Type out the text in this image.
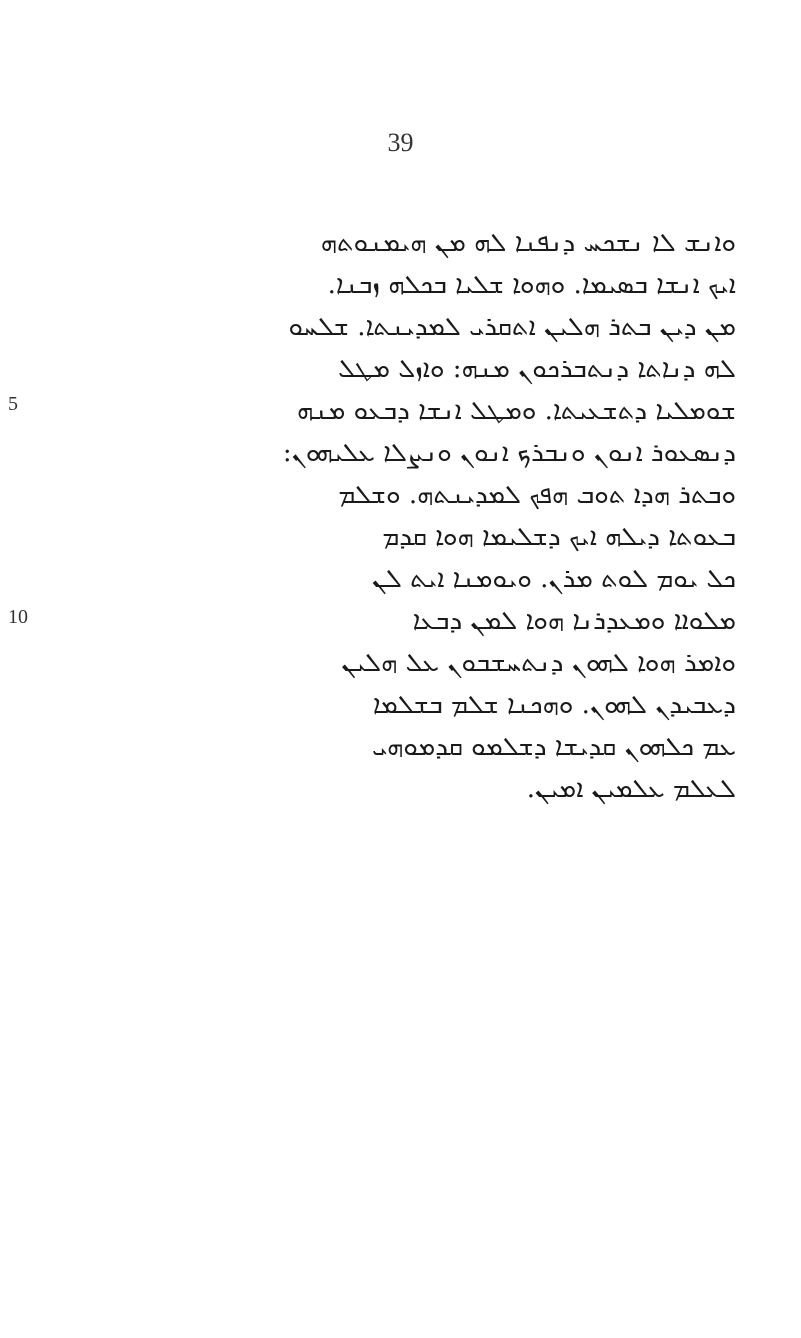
39
5
10
ܘܐܢܫ ܠܐ ܢܫܟܚ ܕܢܦܢܐ ܠܗ ܡܢ ܗܝܡܢܘܬܗ
ܐܝܟ ܐܢܫܐ ܒܣܝܡܐ. ܘܗܘܐ ܫܠܝܐ ܒܟܠܗ ܙܒܢܐ.
ܡܢ ܕܝܢ ܒܬܪ ܗܠܝܢ ܐܬܩܪܝ ܠܡܕܝܢܬܐ. ܫܠܚܘ
ܠܗ ܕܢܐܬܐ ܕܢܬܒܪܟܘܢ ܡܢܗ: ܘܐܙܠ ܡܛܠ
ܫܘܡܠܝܐ ܕܬܫܥܝܬܐ. ܘܡܛܠ ܐܢܫܐ ܕܒܥܘ ܡܢܗ
ܕܢܣܥܘܪ ܐܢܘܢ ܘܢܒܪܟ ܐܢܘܢ ܘܢܨܠܐ ܥܠܝܗܘܢ:
ܘܒܬܪ ܗܕܐ ܬܘܒ ܗܦܟ ܠܡܕܝܢܬܗ. ܘܫܠܡ
ܒܥܘܬܐ ܕܝܠܗ ܐܝܟ ܕܫܠܝܡܐ ܗܘܐ ܩܕܡ
ܟܠ ܝܘܡ ܠܘܬ ܡܪܢ. ܘܝܘܡܢܐ ܐܝܬ ܠܢ
ܡܠܘܐܐ ܘܡܥܕܪܢܐ ܗܘܐ ܠܡܢ ܕܒܥܐ
ܘܐܡܪ ܗܘܐ ܠܗܘܢ ܕܢܬܚܫܒܘܢ ܥܠ ܗܠܝܢ
ܕܥܒܝܕܢ ܠܗܘܢ. ܘܗܟܢܐ ܫܠܡ ܒܫܠܡܐ
ܥܡ ܟܠܗܘܢ ܩܕܝܫܐ ܕܫܠܡܘ ܩܕܡܘܗܝ
ܠܥܠܡ ܥܠܡܝܢ ܐܡܝܢ.
